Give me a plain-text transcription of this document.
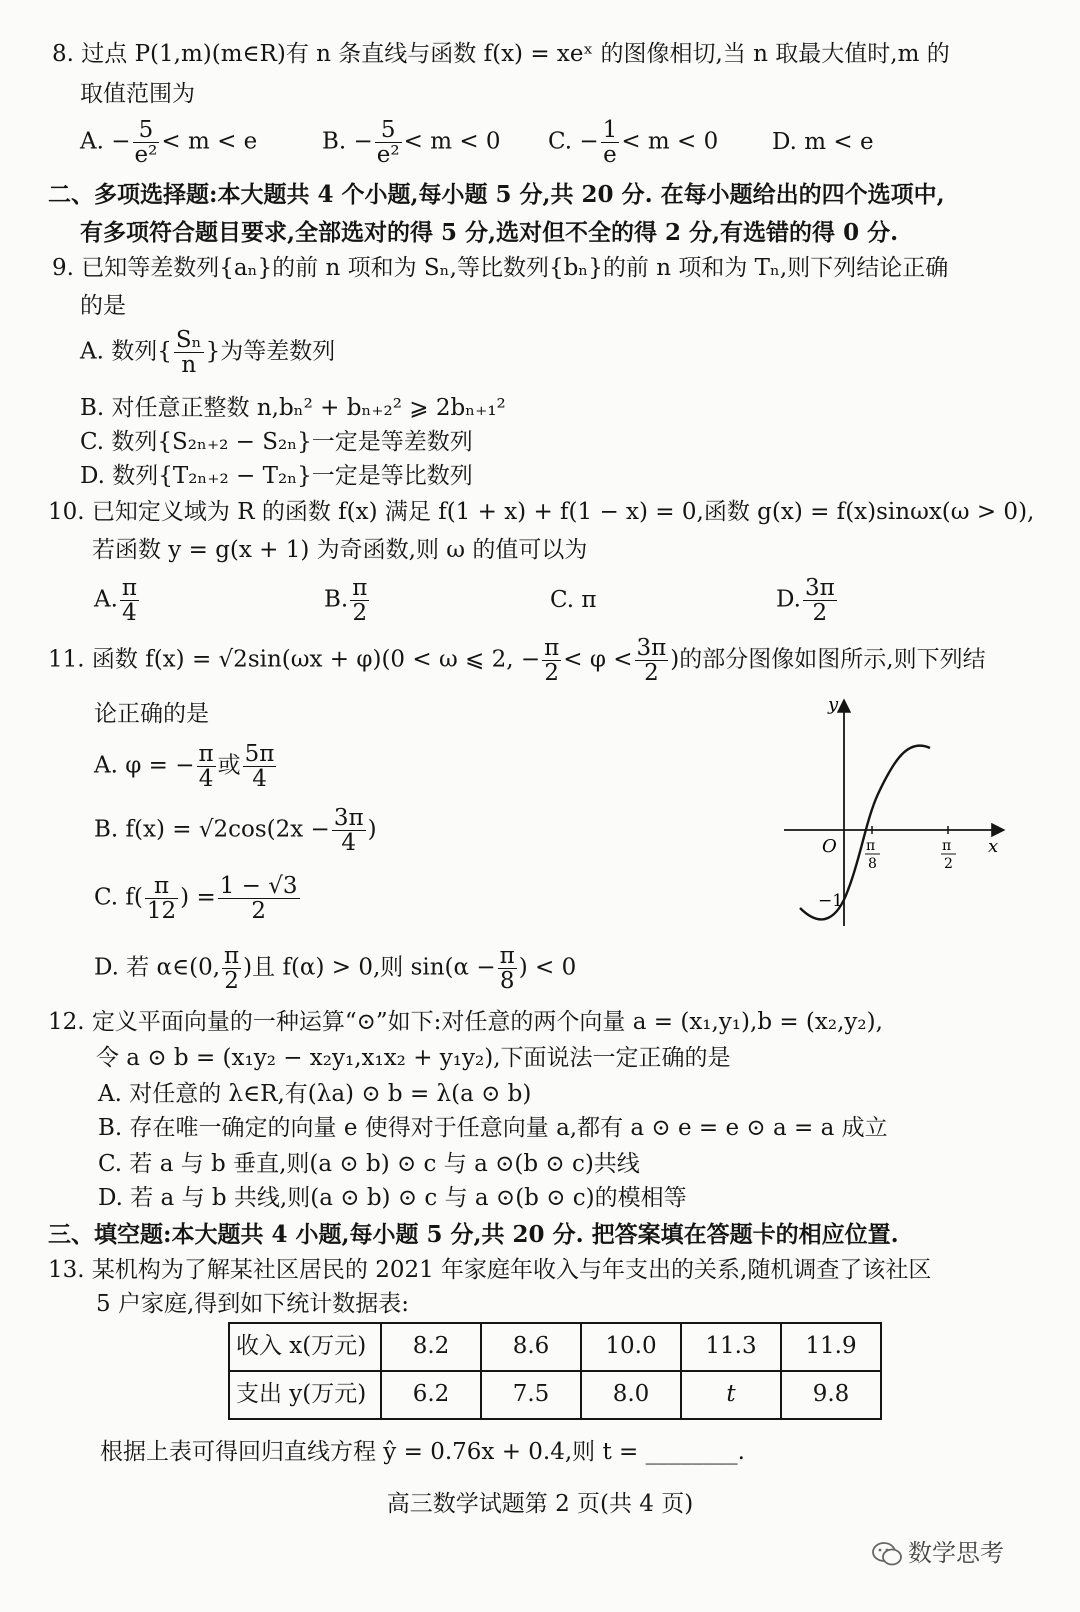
8. 过点 P(1,m)(m∈R)有 n 条直线与函数 f(x) = xeˣ 的图像相切,当 n 取最大值时,m 的
取值范围为
A. − $\frac{5}{\text{e²}} < m < e$	B. − $\frac{5}{\text{e²}} < m < 0$ C. − $\frac{1}{e} < m < 0$ D. m < e
二、多项选择题:本大题共 4 个小题,每小题 5 分,共 20 分. 在每小题给出的四个选项中,
有多项符合题目要求,全部选对的得 5 分,选对但不全的得 2 分,有选错的得 0 分.
9. 已知等差数列{aₙ}的前 n 项和为 Sₙ,等比数列{bₙ}的前 n 项和为 Tₙ,则下列结论正确
的是
A. 数列{ $\frac{\text{Sₙ}}{n}$ }为等差数列
B. 对任意正整数 n,bₙ² + bₙ₊₂² ⩾ 2bₙ₊₁²
C. 数列{S₂ₙ₊₂ − S₂ₙ}一定是等差数列
D. 数列{T₂ₙ₊₂ − T₂ₙ}一定是等比数列
10. 已知定义域为 R 的函数 f(x) 满足 f(1 + x) + f(1 − x) = 0,函数 g(x) = f(x)sinωx(ω > 0),
若函数 y = g(x + 1) 为奇函数,则 ω 的值可以为
A. $\frac{\pi}{4}$	B. $\frac{\pi}{2}$	C. π	D. $\frac{3\pi}{2}$
11. 函数 f(x) = √2sin(ωx + φ)(0 < ω ⩽ 2, − $\frac{\pi}{2} < \varphi < \frac{3\pi}{2}$ )的部分图像如图所示,则下列结
论正确的是
A. φ = − $\frac{\pi}{4}$ 或 $\frac{5\pi}{4}$
B. $f(x) = √2\cos(2x - \frac{3\pi}{4}$ )
C. $f( \frac{\pi}{12}$ ) = $\frac{1 - √3}{2}$
D. 若 α∈(0, $\frac{\pi}{2}$ )且 f(α) > 0,则 $\sin(\alpha - \frac{\pi}{8}$ ) < 0
y
x
O π
8
π
2
−1
12. 定义平面向量的一种运算“⊙”如下:对任意的两个向量 a = (x₁,y₁),b = (x₂,y₂),
令 a ⊙ b = (x₁y₂ − x₂y₁,x₁x₂ + y₁y₂),下面说法一定正确的是
A. 对任意的 λ∈R,有(λa) ⊙ b = λ(a ⊙ b)
B. 存在唯一确定的向量 e 使得对于任意向量 a,都有 a ⊙ e = e ⊙ a = a 成立
C. 若 a 与 b 垂直,则(a ⊙ b) ⊙ c 与 a ⊙(b ⊙ c)共线
D. 若 a 与 b 共线,则(a ⊙ b) ⊙ c 与 a ⊙(b ⊙ c)的模相等
三、填空题:本大题共 4 小题,每小题 5 分,共 20 分. 把答案填在答题卡的相应位置.
13. 某机构为了解某社区居民的 2021 年家庭年收入与年支出的关系,随机调查了该社区
5 户家庭,得到如下统计数据表:
收入 x(万元)	8.2	8.6	10.0	11.3	11.9
支出 y(万元)	6.2	7.5	8.0	t	9.8
根据上表可得回归直线方程 ŷ = 0.76x + 0.4,则 t = ________.
高三数学试题第 2 页(共 4 页)
数学思考
